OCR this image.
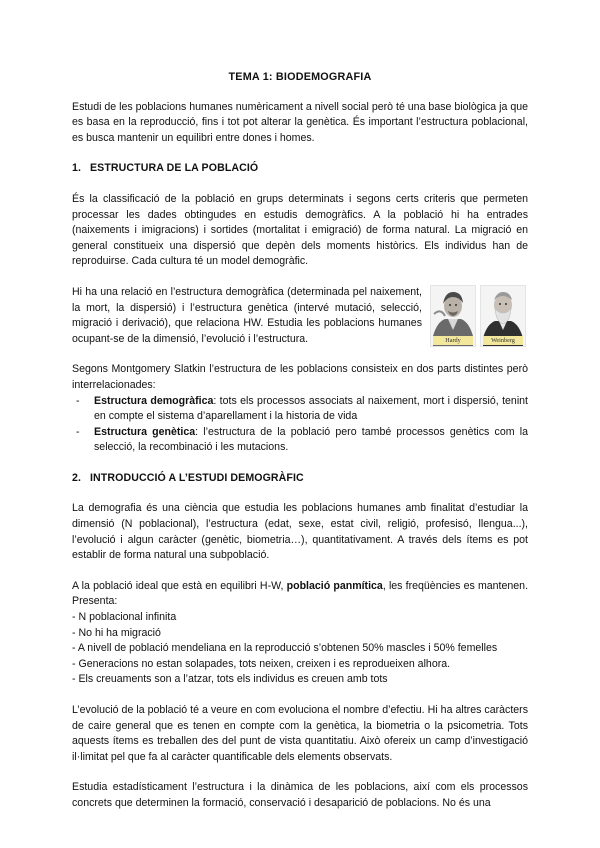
TEMA 1: BIODEMOGRAFIA

Estudi de les poblacions humanes numèricament a nivell social però té una base biològica ja que es basa en la reproducció, fins i tot pot alterar la genètica. És important l’estructura poblacional, es busca mantenir un equilibri entre dones i homes.

1. ESTRUCTURA DE LA POBLACIÓ

És la classificació de la població en grups determinats i segons certs criteris que permeten processar les dades obtingudes en estudis demogràfics. A la població hi ha entrades (naixements i imigracions) i sortides (mortalitat i emigració) de forma natural. La migració en general constitueix una dispersió que depèn dels moments històrics. Els individus han de reproduirse. Cada cultura té un model demogràfic.

Hardy	Weinberg

Hi ha una relació en l’estructura demogràfica (determinada pel naixement, la mort, la dispersió) i l’estructura genètica (intervé mutació, selecció, migració i derivació), que relaciona HW. Estudia les poblacions humanes ocupant-se de la dimensió, l’evolució i l’estructura.

Segons Montgomery Slatkin l’estructura de les poblacions consisteix en dos parts distintes però interrelacionades:

- Estructura demogràfica: tots els processos associats al naixement, mort i dispersió, tenint en compte el sistema d’aparellament i la historia de vida
- Estructura genètica: l’estructura de la població pero també processos genètics com la selecció, la recombinació i les mutacions.
2. INTRODUCCIÓ A L’ESTUDI DEMOGRÀFIC

La demografia és una ciència que estudia les poblacions humanes amb finalitat d’estudiar la dimensió (N poblacional), l’estructura (edat, sexe, estat civil, religió, profesisó, llengua...), l’evolució i algun caràcter (genètic, biometria…), quantitativament. A través dels ítems es pot establir de forma natural una subpoblació.

A la població ideal que està en equilibri H-W, població panmítica, les freqüències es mantenen. Presenta:

- N poblacional infinita
- No hi ha migració
- A nivell de població mendeliana en la reproducció s’obtenen 50% mascles i 50% femelles
- Generacions no estan solapades, tots neixen, creixen i es reprodueixen alhora.
- Els creuaments son a l’atzar, tots els individus es creuen amb tots

L’evolució de la població té a veure en com evoluciona el nombre d’efectiu. Hi ha altres caràcters de caire general que es tenen en compte com la genètica, la biometria o la psicometria. Tots aquests ítems es treballen des del punt de vista quantitatiu. Això ofereix un camp d’investigació il·limitat pel que fa al caràcter quantificable dels elements observats.

Estudia estadísticament l’estructura i la dinàmica de les poblacions, així com els processos concrets que determinen la formació, conservació i desaparició de poblacions. No és una
